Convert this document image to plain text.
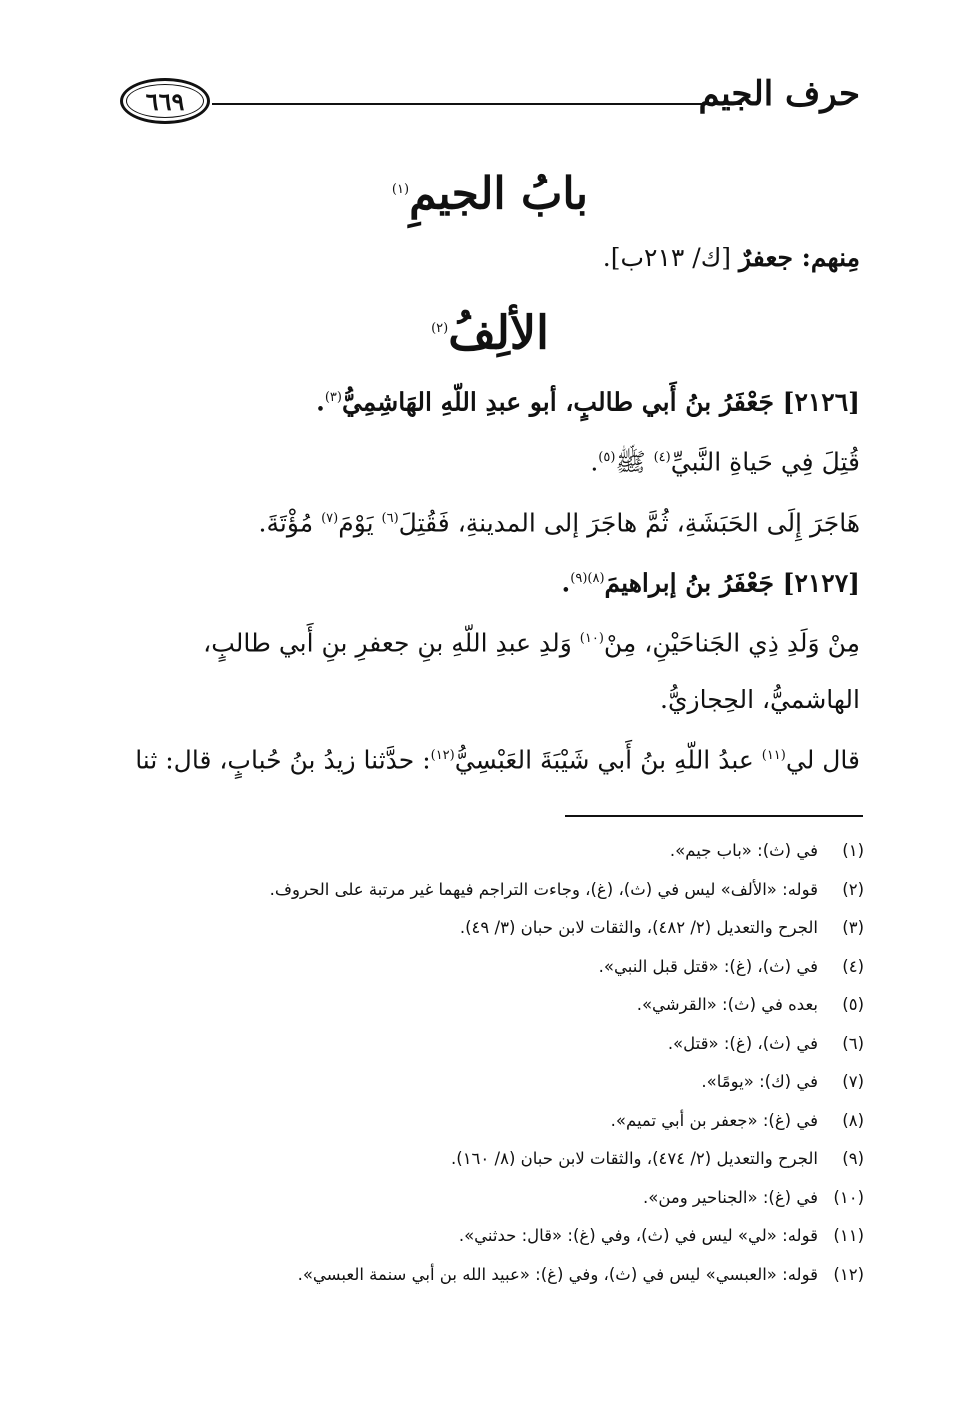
حرف الجيم
٦٦٩
بابُ الجيمِ$^{(١)}$

مِنهم: جعفرٌ [ك/ ٢١٣ب].

الألِفُ$^{(٢)}$

[٢١٢٦] جَعْفَرُ بنُ أَبي طالبٍ، أبو عبدِ اللّهِ الهَاشِمِيُّ$^{(٣)}$.

قُتِلَ فِي حَياةِ النَّبيِّ$^{(٤)}$ ﷺ$^{(٥)}$.

هَاجَرَ إِلَى الحَبَشَةِ، ثُمَّ هاجَرَ إلى المدينةِ، فَقُتِلَ$^{(٦)}$ يَوْمَ$^{(٧)}$ مُؤْتَةَ.

[٢١٢٧] جَعْفَرُ بنُ إبراهيمَ$^{(٨)(٩)}$.

مِنْ وَلَدِ ذِي الجَناحَيْنِ، مِنْ$^{(١٠)}$ وَلدِ عبدِ اللّهِ بنِ جعفرِ بنِ أَبي طالبٍ،

الهاشميُّ، الحِجازيُّ.

قال لي$^{(١١)}$ عبدُ اللّهِ بنُ أَبي شَيْبَةَ العَبْسِيُّ$^{(١٢)}$: حدَّثنا زيدُ بنُ حُبابٍ، قال: ثنا

(١)في (ث): «باب جيم».
(٢)قوله: «الألف» ليس في (ث)، (غ)، وجاءت التراجم فيهما غير مرتبة على الحروف.
(٣)الجرح والتعديل (٢/ ٤٨٢)، والثقات لابن حبان (٣/ ٤٩).
(٤)في (ث)، (غ): «قتل قبل النبي».
(٥)بعده في (ث): «القرشي».
(٦)في (ث)، (غ): «قتل».
(٧)في (ك): «يومًا».
(٨)في (غ): «جعفر بن أبي تميم».
(٩)الجرح والتعديل (٢/ ٤٧٤)، والثقات لابن حبان (٨/ ١٦٠).
(١٠)في (غ): «الجناحير ومن».
(١١)قوله: «لي» ليس في (ث)، وفي (غ): «قال: حدثني».
(١٢)قوله: «العبسي» ليس في (ث)، وفي (غ): «عبيد الله بن أبي سنمة العبسي».
